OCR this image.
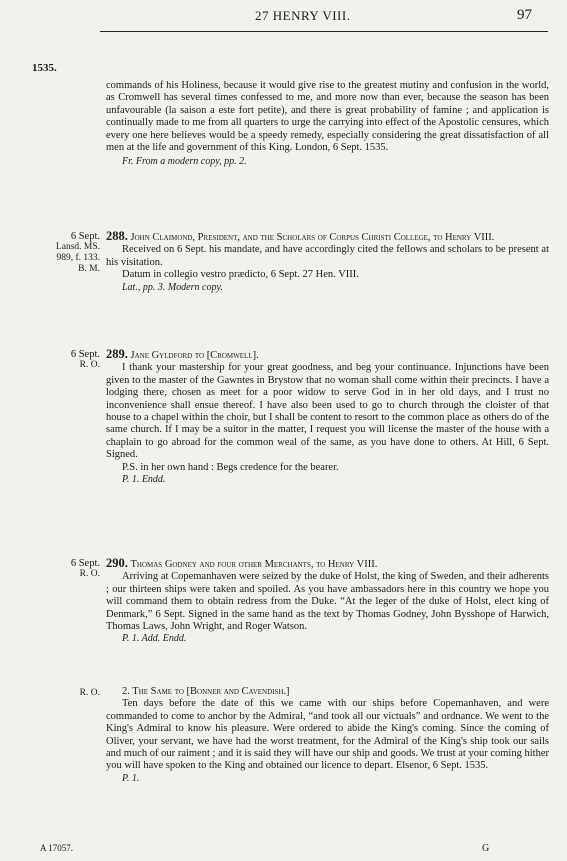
27 HENRY VIII.	97
1535.

commands of his Holiness, because it would give rise to the greatest mutiny and confusion in the world, as Cromwell has several times confessed to me, and more now than ever, because the season has been unfavourable (la saison a este fort petite), and there is great probability of famine ; and application is continually made to me from all quarters to urge the carrying into effect of the Apostolic censures, which every one here believes would be a speedy remedy, especially considering the great dissatisfaction of all men at the life and government of this King. London, 6 Sept. 1535.

Fr. From a modern copy, pp. 2.

6 Sept.
Lansd. MS.
989, f. 133.
B. M.

288. John Claimond, President, and the Scholars of Corpus Christi College, to Henry VIII.

Received on 6 Sept. his mandate, and have accordingly cited the fellows and scholars to be present at his visitation.

Datum in collegio vestro prædicto, 6 Sept. 27 Hen. VIII.

Lat., pp. 3. Modern copy.

6 Sept.
R. O.

289. Jane Gyldford to [Cromwell].

I thank your mastership for your great goodness, and beg your continuance. Injunctions have been given to the master of the Gawntes in Brystow that no woman shall come within their precincts. I have a lodging there, chosen as meet for a poor widow to serve God in in her old days, and I trust no inconvenience shall ensue thereof. I have also been used to go to church through the cloister of that house to a chapel within the choir, but I shall be content to resort to the common place as others do of the same church. If I may be a suitor in the matter, I request you will license the master of the house with a chaplain to go abroad for the common weal of the same, as you have done to others. At Hill, 6 Sept. Signed.

P.S. in her own hand : Begs credence for the bearer.

P. 1. Endd.

6 Sept.
R. O.

290. Thomas Godney and four other Merchants, to Henry VIII.

Arriving at Copemanhaven were seized by the duke of Holst, the king of Sweden, and their adherents ; our thirteen ships were taken and spoiled. As you have ambassadors here in this country we hope you will command them to obtain redress from the Duke. “At the leger of the duke of Holst, elect king of Denmark,” 6 Sept. Signed in the same hand as the text by Thomas Godney, John Bysshope of Harwich, Thomas Laws, John Wright, and Roger Watson.

P. 1. Add. Endd.

R. O.	2. The Same to [Bonner and Cavendish.]

Ten days before the date of this we came with our ships before Copemanhaven, and were commanded to come to anchor by the Admiral, “and took all our victuals” and ordnance. We went to the King's Admiral to know his pleasure. Were ordered to abide the King's coming. Since the coming of Oliver, your servant, we have had the worst treatment, for the Admiral of the King's ship took our sails and much of our raiment ; and it is said they will have our ship and goods. We trust at your coming hither you will have spoken to the King and obtained our licence to depart. Elsenor, 6 Sept. 1535.

P. 1.

A 17057.	G
